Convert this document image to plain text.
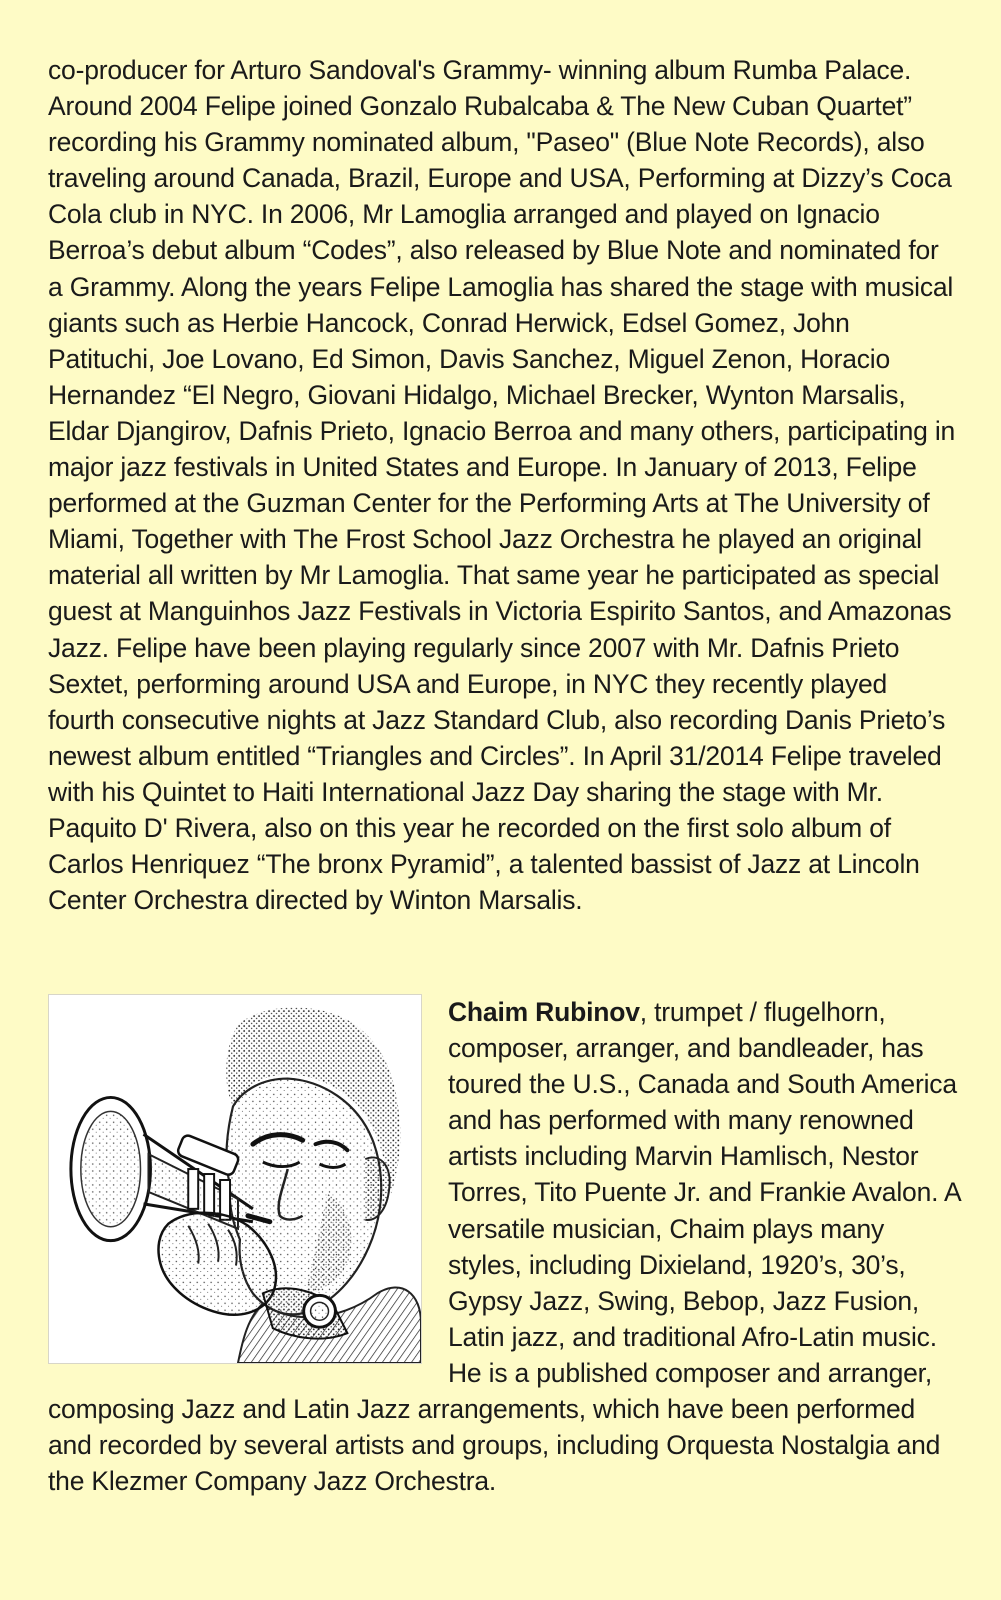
co-producer for Arturo Sandoval's Grammy- winning album Rumba Palace. Around 2004 Felipe joined Gonzalo Rubalcaba & The New Cuban Quartet” recording his Grammy nominated album, "Paseo" (Blue Note Records), also traveling around Canada, Brazil, Europe and USA, Performing at Dizzy’s Coca Cola club in NYC. In 2006, Mr Lamoglia arranged and played on Ignacio Berroa’s debut album “Codes”, also released by Blue Note and nominated for a Grammy. Along the years Felipe Lamoglia has shared the stage with musical giants such as Herbie Hancock, Conrad Herwick, Edsel Gomez, John Patituchi, Joe Lovano, Ed Simon, Davis Sanchez, Miguel Zenon, Horacio Hernandez “El Negro, Giovani Hidalgo, Michael Brecker, Wynton Marsalis, Eldar Djangirov, Dafnis Prieto, Ignacio Berroa and many others, participating in major jazz festivals in United States and Europe. In January of 2013, Felipe performed at the Guzman Center for the Performing Arts at The University of Miami, Together with The Frost School Jazz Orchestra he played an original material all written by Mr Lamoglia. That same year he participated as special guest at Manguinhos Jazz Festivals in Victoria Espirito Santos, and Amazonas Jazz. Felipe have been playing regularly since 2007 with Mr. Dafnis Prieto Sextet, performing around USA and Europe, in NYC they recently played fourth consecutive nights at Jazz Standard Club, also recording Danis Prieto’s newest album entitled “Triangles and Circles”. In April 31/2014 Felipe traveled with his Quintet to Haiti International Jazz Day sharing the stage with Mr. Paquito D' Rivera, also on this year he recorded on the first solo album of Carlos Henriquez “The bronx Pyramid”, a talented bassist of Jazz at Lincoln Center Orchestra directed by Winton Marsalis.

Chaim Rubinov, trumpet / flugelhorn, composer, arranger, and bandleader, has toured the U.S., Canada and South America and has performed with many renowned artists including Marvin Hamlisch, Nestor Torres, Tito Puente Jr. and Frankie Avalon. A versatile musician, Chaim plays many styles, including Dixieland, 1920’s, 30’s, Gypsy Jazz, Swing, Bebop, Jazz Fusion, Latin jazz, and traditional Afro-Latin music. He is a published composer and arranger, composing Jazz and Latin Jazz arrangements, which have been performed and recorded by several artists and groups, including Orquesta Nostalgia and the Klezmer Company Jazz Orchestra.
